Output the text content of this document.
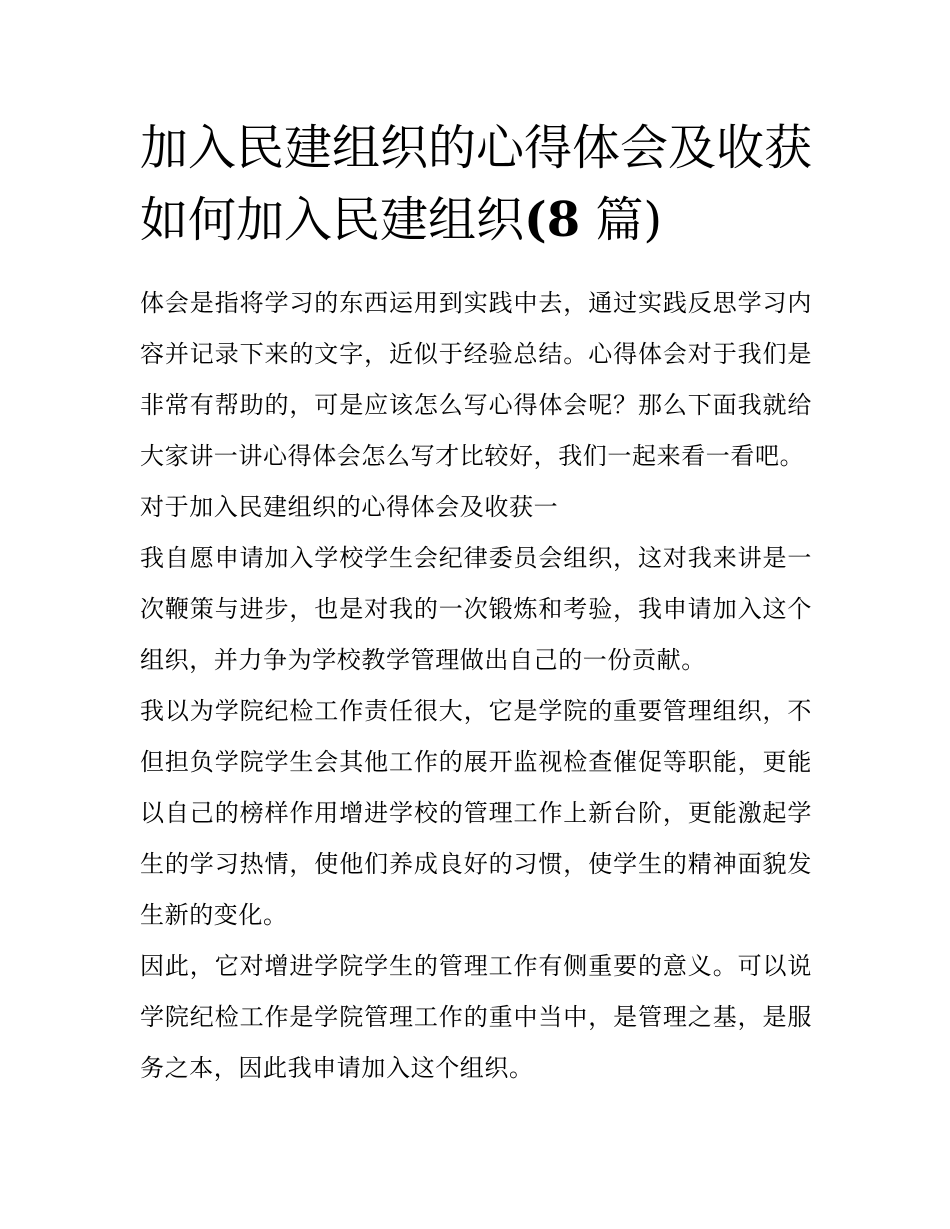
加入民建组织的心得体会及收获 如何加入民建组织(8 篇)

体会是指将学习的东西运用到实践中去，通过实践反思学习内容并记录下来的文字，近似于经验总结。心得体会对于我们是非常有帮助的，可是应该怎么写心得体会呢？那么下面我就给大家讲一讲心得体会怎么写才比较好，我们一起来看一看吧。

对于加入民建组织的心得体会及收获一

我自愿申请加入学校学生会纪律委员会组织，这对我来讲是一次鞭策与进步，也是对我的一次锻炼和考验，我申请加入这个组织，并力争为学校教学管理做出自己的一份贡献。

我以为学院纪检工作责任很大，它是学院的重要管理组织，不但担负学院学生会其他工作的展开监视检查催促等职能，更能以自己的榜样作用增进学校的管理工作上新台阶，更能激起学生的学习热情，使他们养成良好的习惯，使学生的精神面貌发生新的变化。

因此，它对增进学院学生的管理工作有侧重要的意义。可以说学院纪检工作是学院管理工作的重中当中，是管理之基，是服务之本，因此我申请加入这个组织。
